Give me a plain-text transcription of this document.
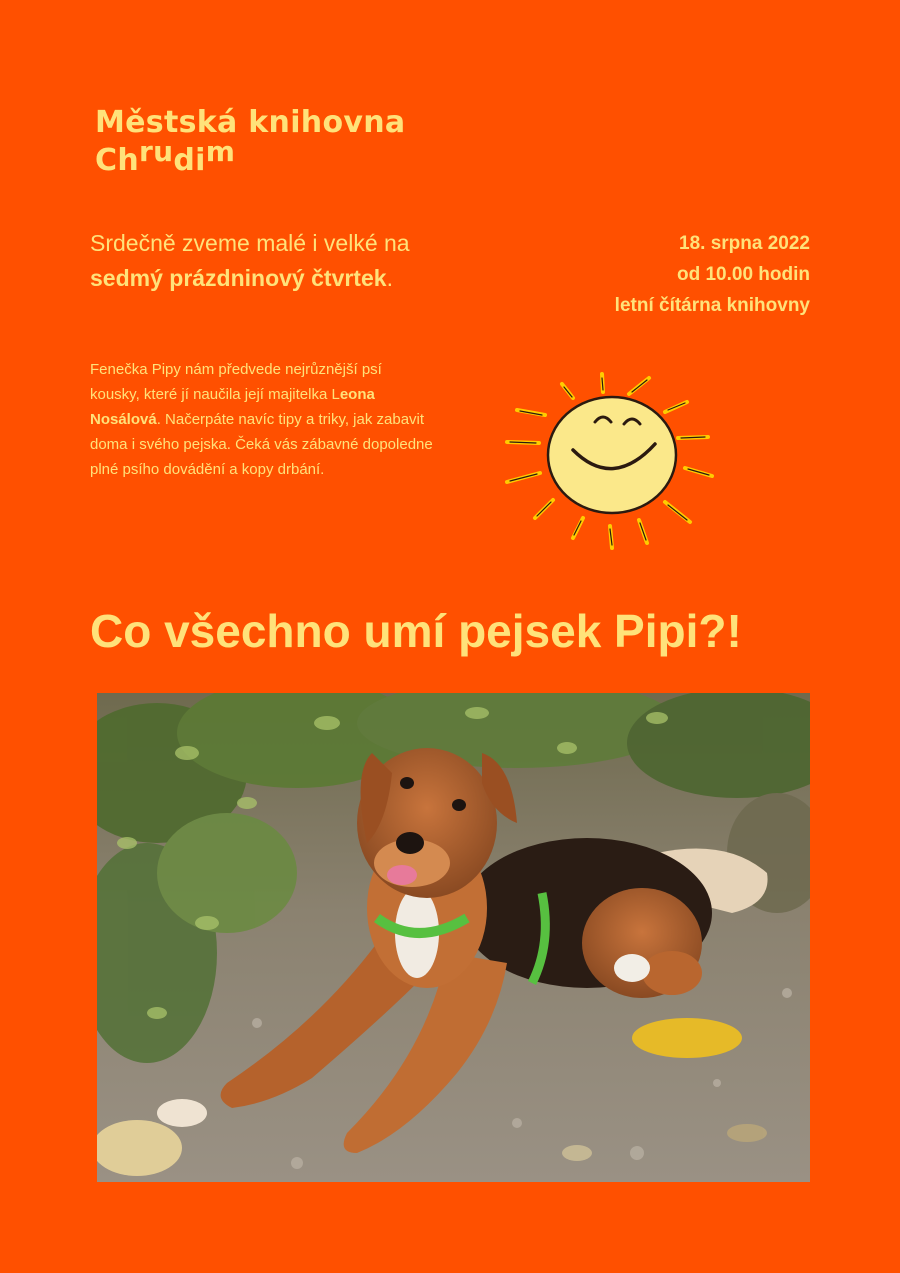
Městská knihovna
Chrudim
Srdečně zveme malé i velké na sedmý prázdninový čtvrtek.
18. srpna 2022
od 10.00 hodin
letní čítárna knihovny
Fenečka Pipy nám předvede nejrůznější psí kousky, které jí naučila její majitelka Leona Nosálová. Načerpáte navíc tipy a triky, jak zabavit doma i svého pejska. Čeká vás zábavné dopoledne plné psího dovádění a kopy drbání.
Co všechno umí pejsek Pipi?!
